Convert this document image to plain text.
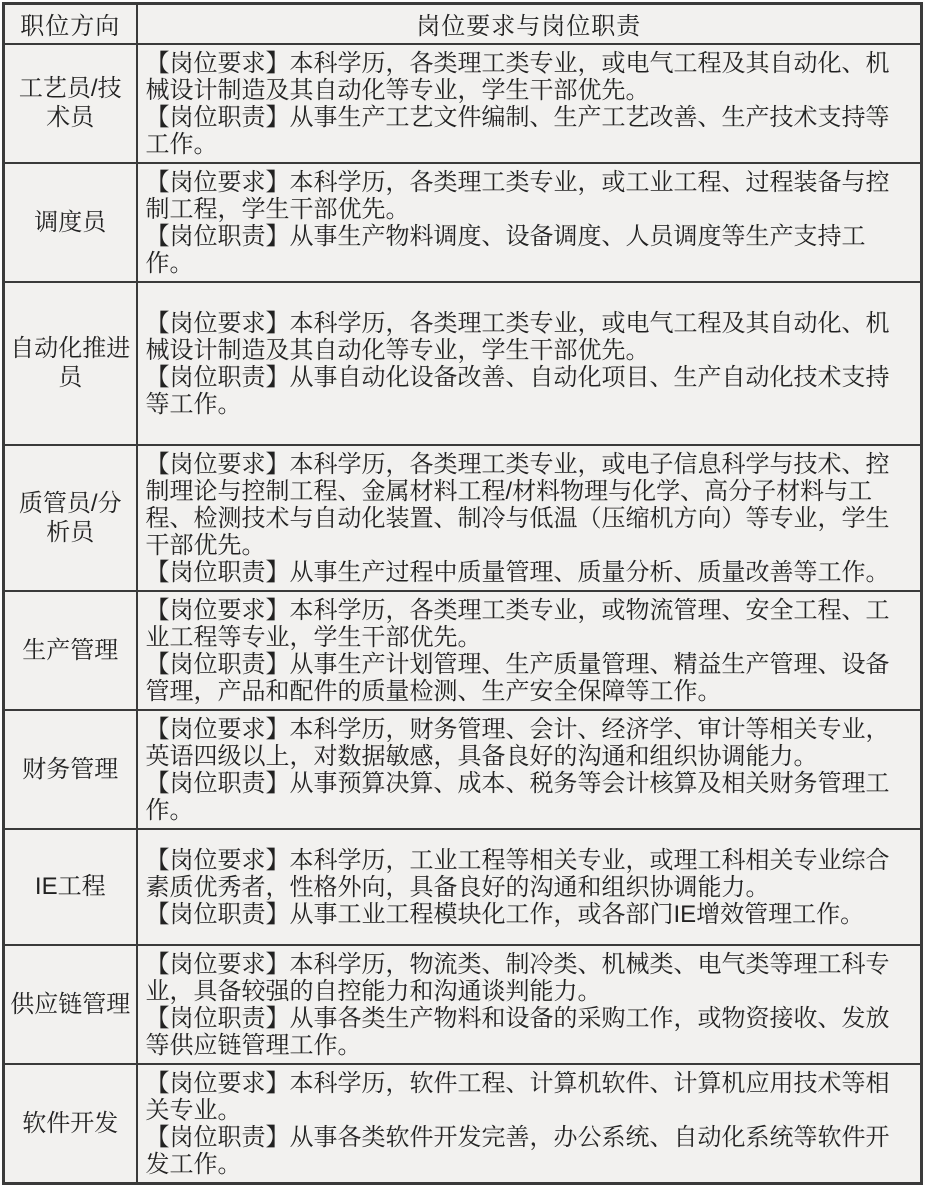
职位方向	岗位要求与岗位职责
工艺员/技术员	【岗位要求】本科学历，各类理工类专业，或电气工程及其自动化、机械设计制造及其自动化等专业，学生干部优先。

【岗位职责】从事生产工艺文件编制、生产工艺改善、生产技术支持等工作。

调度员	【岗位要求】本科学历，各类理工类专业，或工业工程、过程装备与控制工程，学生干部优先。

【岗位职责】从事生产物料调度、设备调度、人员调度等生产支持工作。

自动化推进员	【岗位要求】本科学历，各类理工类专业，或电气工程及其自动化、机械设计制造及其自动化等专业，学生干部优先。

【岗位职责】从事自动化设备改善、自动化项目、生产自动化技术支持等工作。

质管员/分析员	【岗位要求】本科学历，各类理工类专业，或电子信息科学与技术、控制理论与控制工程、金属材料工程/材料物理与化学、高分子材料与工程、检测技术与自动化装置、制冷与低温（压缩机方向）等专业，学生干部优先。

【岗位职责】从事生产过程中质量管理、质量分析、质量改善等工作。

生产管理	【岗位要求】本科学历，各类理工类专业，或物流管理、安全工程、工业工程等专业，学生干部优先。

【岗位职责】从事生产计划管理、生产质量管理、精益生产管理、设备管理，产品和配件的质量检测、生产安全保障等工作。

财务管理	【岗位要求】本科学历，财务管理、会计、经济学、审计等相关专业，英语四级以上，对数据敏感，具备良好的沟通和组织协调能力。

【岗位职责】从事预算决算、成本、税务等会计核算及相关财务管理工作。

IE工程	【岗位要求】本科学历，工业工程等相关专业，或理工科相关专业综合素质优秀者，性格外向，具备良好的沟通和组织协调能力。

【岗位职责】从事工业工程模块化工作，或各部门IE增效管理工作。

供应链管理	【岗位要求】本科学历，物流类、制冷类、机械类、电气类等理工科专业，具备较强的自控能力和沟通谈判能力。

【岗位职责】从事各类生产物料和设备的采购工作，或物资接收、发放等供应链管理工作。

软件开发	【岗位要求】本科学历，软件工程、计算机软件、计算机应用技术等相关专业。

【岗位职责】从事各类软件开发完善，办公系统、自动化系统等软件开发工作。
